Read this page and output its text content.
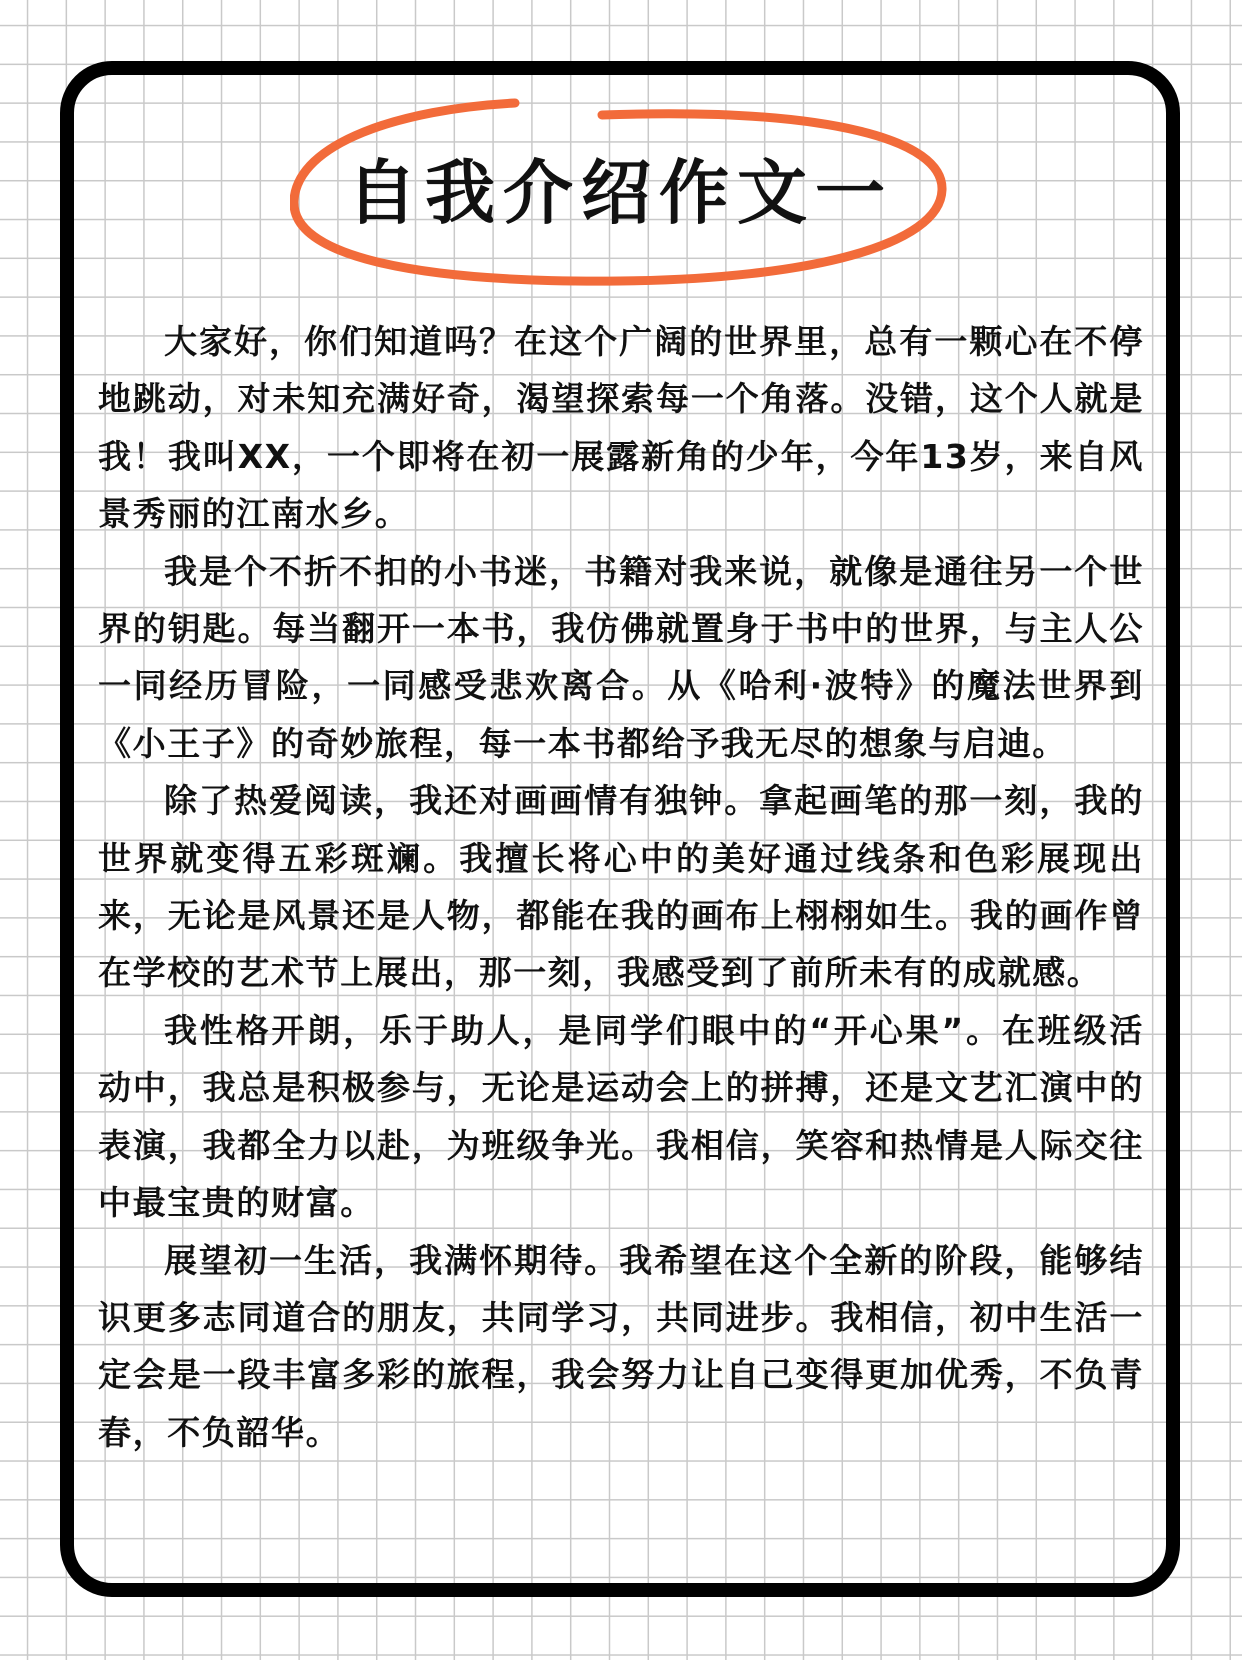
自我介绍作文一

大家好，你们知道吗？在这个广阔的世界里，总有一颗心在不停地跳动，对未知充满好奇，渴望探索每一个角落。没错，这个人就是我！我叫XX，一个即将在初一展露新角的少年，今年13岁，来自风景秀丽的江南水乡。

我是个不折不扣的小书迷，书籍对我来说，就像是通往另一个世界的钥匙。每当翻开一本书，我仿佛就置身于书中的世界，与主人公一同经历冒险，一同感受悲欢离合。从《哈利·波特》的魔法世界到《小王子》的奇妙旅程，每一本书都给予我无尽的想象与启迪。

除了热爱阅读，我还对画画情有独钟。拿起画笔的那一刻，我的世界就变得五彩斑斓。我擅长将心中的美好通过线条和色彩展现出来，无论是风景还是人物，都能在我的画布上栩栩如生。我的画作曾在学校的艺术节上展出，那一刻，我感受到了前所未有的成就感。

我性格开朗，乐于助人，是同学们眼中的“开心果”。在班级活动中，我总是积极参与，无论是运动会上的拼搏，还是文艺汇演中的表演，我都全力以赴，为班级争光。我相信，笑容和热情是人际交往中最宝贵的财富。

展望初一生活，我满怀期待。我希望在这个全新的阶段，能够结识更多志同道合的朋友，共同学习，共同进步。我相信，初中生活一定会是一段丰富多彩的旅程，我会努力让自己变得更加优秀，不负青春，不负韶华。
